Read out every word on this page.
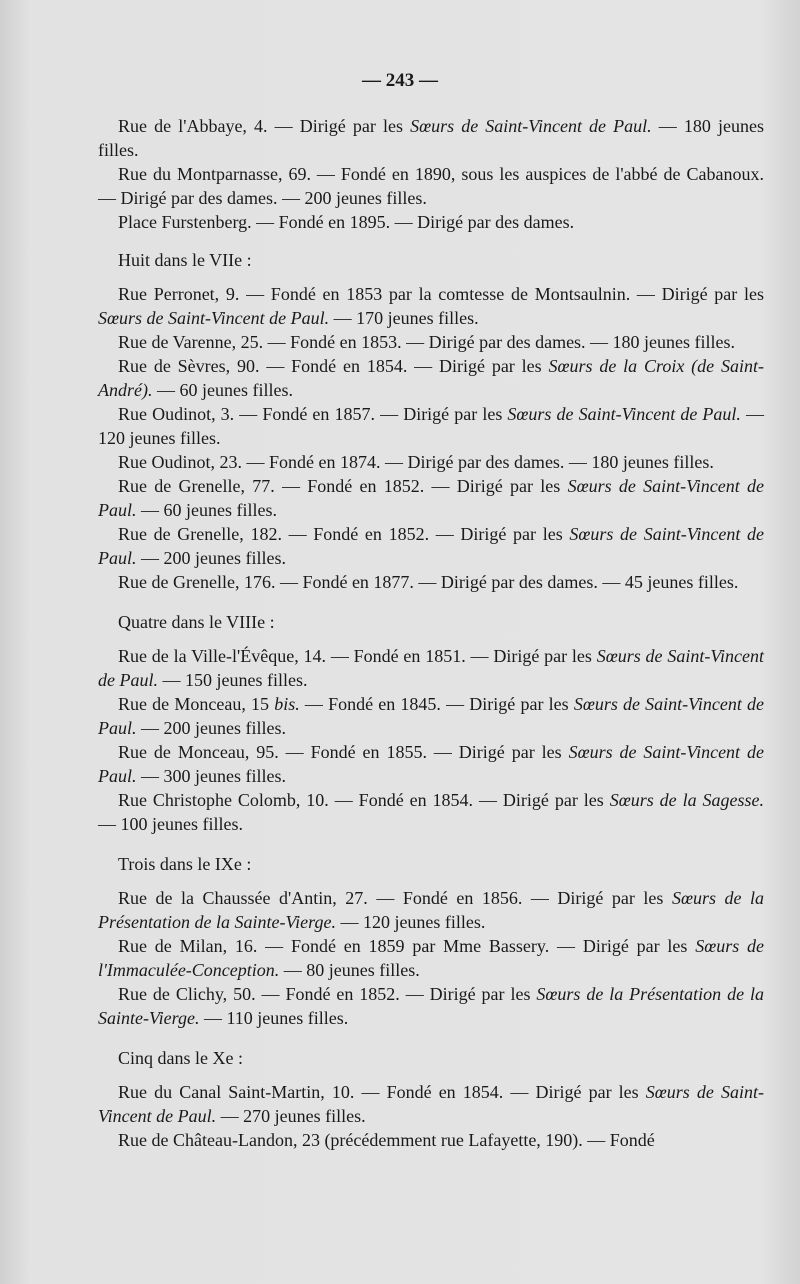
— 243 —

Rue de l'Abbaye, 4. — Dirigé par les Sœurs de Saint-Vincent de Paul. — 180 jeunes filles.

Rue du Montparnasse, 69. — Fondé en 1890, sous les auspices de l'abbé de Cabanoux. — Dirigé par des dames. — 200 jeunes filles.

Place Furstenberg. — Fondé en 1895. — Dirigé par des dames.

Huit dans le VIIe :

Rue Perronet, 9. — Fondé en 1853 par la comtesse de Montsaulnin. — Dirigé par les Sœurs de Saint-Vincent de Paul. — 170 jeunes filles.

Rue de Varenne, 25. — Fondé en 1853. — Dirigé par des dames. — 180 jeunes filles.

Rue de Sèvres, 90. — Fondé en 1854. — Dirigé par les Sœurs de la Croix (de Saint-André). — 60 jeunes filles.

Rue Oudinot, 3. — Fondé en 1857. — Dirigé par les Sœurs de Saint-Vincent de Paul. — 120 jeunes filles.

Rue Oudinot, 23. — Fondé en 1874. — Dirigé par des dames. — 180 jeunes filles.

Rue de Grenelle, 77. — Fondé en 1852. — Dirigé par les Sœurs de Saint-Vincent de Paul. — 60 jeunes filles.

Rue de Grenelle, 182. — Fondé en 1852. — Dirigé par les Sœurs de Saint-Vincent de Paul. — 200 jeunes filles.

Rue de Grenelle, 176. — Fondé en 1877. — Dirigé par des dames. — 45 jeunes filles.

Quatre dans le VIIIe :

Rue de la Ville-l'Évêque, 14. — Fondé en 1851. — Dirigé par les Sœurs de Saint-Vincent de Paul. — 150 jeunes filles.

Rue de Monceau, 15 bis. — Fondé en 1845. — Dirigé par les Sœurs de Saint-Vincent de Paul. — 200 jeunes filles.

Rue de Monceau, 95. — Fondé en 1855. — Dirigé par les Sœurs de Saint-Vincent de Paul. — 300 jeunes filles.

Rue Christophe Colomb, 10. — Fondé en 1854. — Dirigé par les Sœurs de la Sagesse. — 100 jeunes filles.

Trois dans le IXe :

Rue de la Chaussée d'Antin, 27. — Fondé en 1856. — Dirigé par les Sœurs de la Présentation de la Sainte-Vierge. — 120 jeunes filles.

Rue de Milan, 16. — Fondé en 1859 par Mme Bassery. — Dirigé par les Sœurs de l'Immaculée-Conception. — 80 jeunes filles.

Rue de Clichy, 50. — Fondé en 1852. — Dirigé par les Sœurs de la Présentation de la Sainte-Vierge. — 110 jeunes filles.

Cinq dans le Xe :

Rue du Canal Saint-Martin, 10. — Fondé en 1854. — Dirigé par les Sœurs de Saint-Vincent de Paul. — 270 jeunes filles.

Rue de Château-Landon, 23 (précédemment rue Lafayette, 190). — Fondé
